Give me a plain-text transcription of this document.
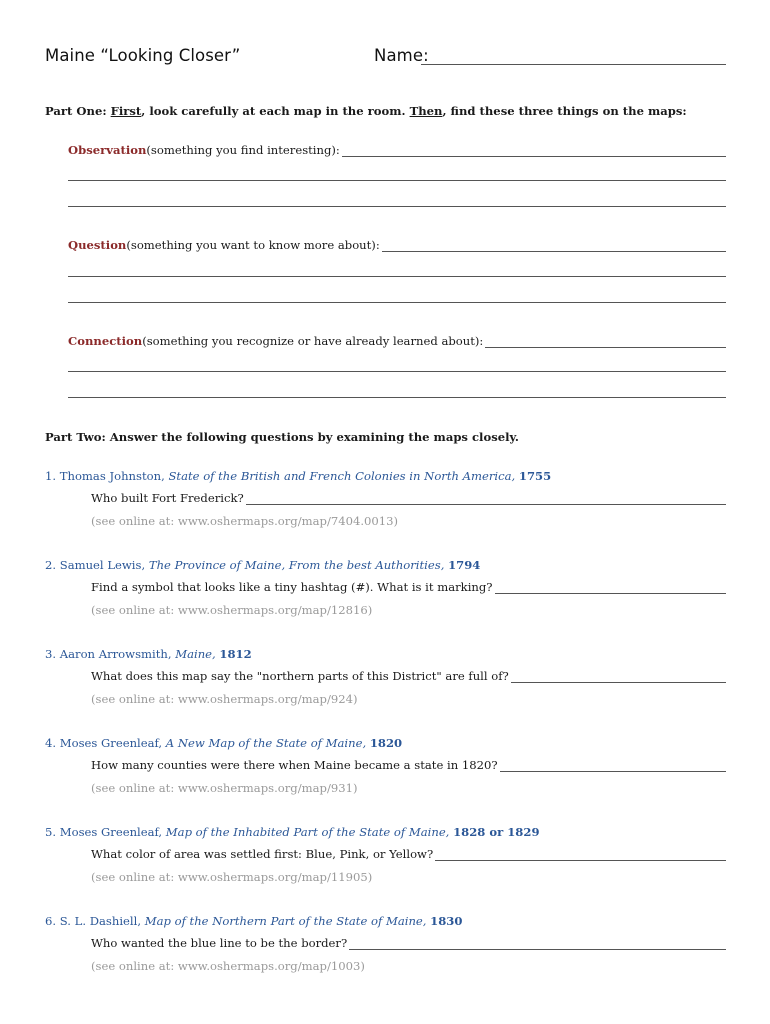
Maine “Looking Closer”	Name:
Part One: First, look carefully at each map in the room. Then, find these three things on the maps:
Observation (something you find interesting):
Question (something you want to know more about):
Connection (something you recognize or have already learned about):
Part Two: Answer the following questions by examining the maps closely.
1. Thomas Johnston, State of the British and French Colonies in North America, 1755
Who built Fort Frederick?
(see online at: www.oshermaps.org/map/7404.0013)
2. Samuel Lewis, The Province of Maine, From the best Authorities, 1794
Find a symbol that looks like a tiny hashtag (#). What is it marking?
(see online at: www.oshermaps.org/map/12816)
3. Aaron Arrowsmith, Maine, 1812
What does this map say the "northern parts of this District" are full of?
(see online at: www.oshermaps.org/map/924)
4. Moses Greenleaf, A New Map of the State of Maine, 1820
How many counties were there when Maine became a state in 1820?
(see online at: www.oshermaps.org/map/931)
5. Moses Greenleaf, Map of the Inhabited Part of the State of Maine, 1828 or 1829
What color of area was settled first: Blue, Pink, or Yellow?
(see online at: www.oshermaps.org/map/11905)
6. S. L. Dashiell, Map of the Northern Part of the State of Maine, 1830
Who wanted the blue line to be the border?
(see online at: www.oshermaps.org/map/1003)
